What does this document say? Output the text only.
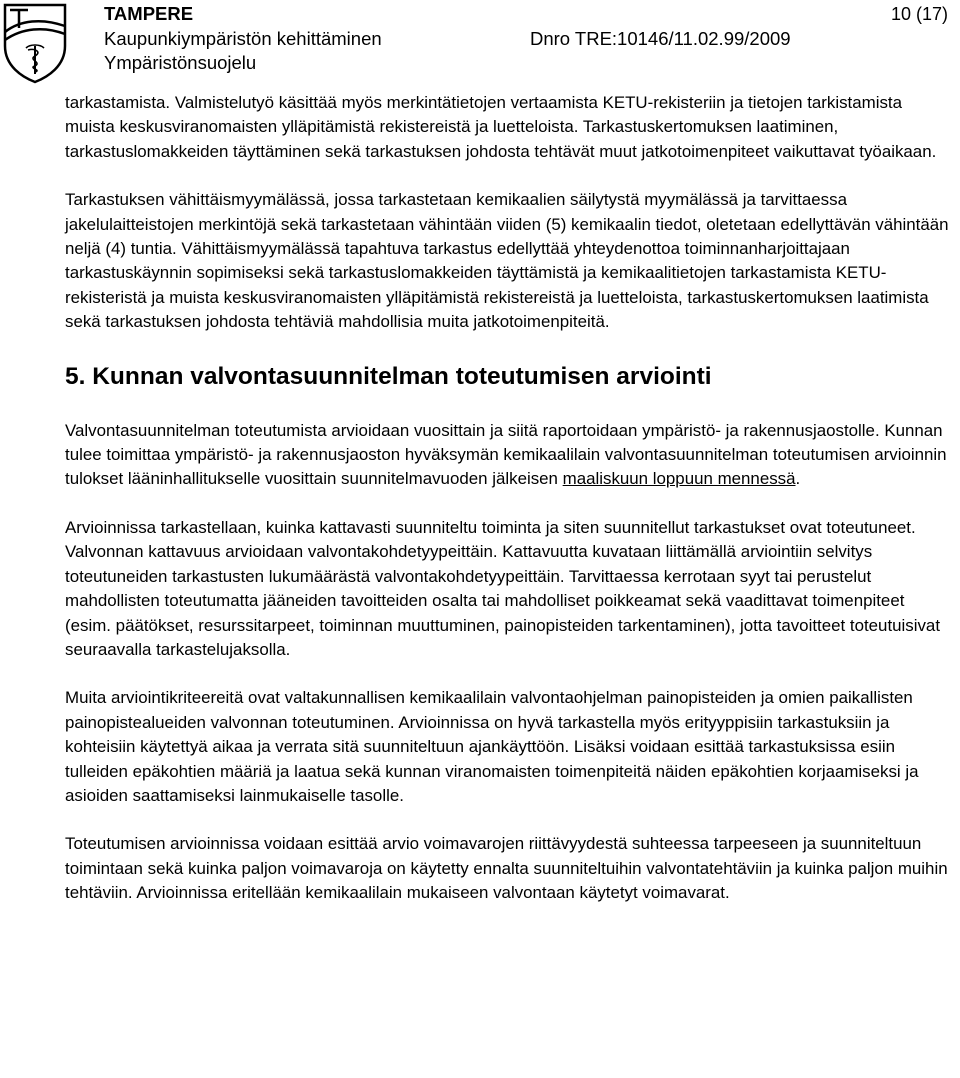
TAMPERE
Kaupunkiympäristön kehittäminen
Ympäristönsuojelu
Dnro TRE:10146/11.02.99/2009
10 (17)

tarkastamista. Valmistelutyö käsittää myös merkintätietojen vertaamista KETU-rekisteriin ja tietojen tarkistamista muista keskusviranomaisten ylläpitämistä rekistereistä ja luetteloista. Tarkastuskertomuksen laatiminen, tarkastuslomakkeiden täyttäminen sekä tarkastuksen johdosta tehtävät muut jatkotoimenpiteet vaikuttavat työaikaan.

Tarkastuksen vähittäismyymälässä, jossa tarkastetaan kemikaalien säilytystä myymälässä ja tarvittaessa jakelulaitteistojen merkintöjä sekä tarkastetaan vähintään viiden (5) kemikaalin tiedot, oletetaan edellyttävän vähintään neljä (4) tuntia. Vähittäismyymälässä tapahtuva tarkastus edellyttää yhteydenottoa toiminnanharjoittajaan tarkastuskäynnin sopimiseksi sekä tarkastuslomakkeiden täyttämistä ja kemikaalitietojen tarkastamista KETU-rekisteristä ja muista keskusviranomaisten ylläpitämistä rekistereistä ja luetteloista, tarkastuskertomuksen laatimista sekä tarkastuksen johdosta tehtäviä mahdollisia muita jatkotoimenpiteitä.

5. Kunnan valvontasuunnitelman toteutumisen arviointi

Valvontasuunnitelman toteutumista arvioidaan vuosittain ja siitä raportoidaan ympäristö- ja rakennusjaostolle. Kunnan tulee toimittaa ympäristö- ja rakennusjaoston hyväksymän kemikaalilain valvontasuunnitelman toteutumisen arvioinnin tulokset lääninhallitukselle vuosittain suunnitelmavuoden jälkeisen maaliskuun loppuun mennessä.

Arvioinnissa tarkastellaan, kuinka kattavasti suunniteltu toiminta ja siten suunnitellut tarkastukset ovat toteutuneet. Valvonnan kattavuus arvioidaan valvontakohdetyypeittäin. Kattavuutta kuvataan liittämällä arviointiin selvitys toteutuneiden tarkastusten lukumäärästä valvontakohdetyypeittäin. Tarvittaessa kerrotaan syyt tai perustelut mahdollisten toteutumatta jääneiden tavoitteiden osalta tai mahdolliset poikkeamat sekä vaadittavat toimenpiteet (esim. päätökset, resurssitarpeet, toiminnan muuttuminen, painopisteiden tarkentaminen), jotta tavoitteet toteutuisivat seuraavalla tarkastelujaksolla.

Muita arviointikriteereitä ovat valtakunnallisen kemikaalilain valvontaohjelman painopisteiden ja omien paikallisten painopistealueiden valvonnan toteutuminen. Arvioinnissa on hyvä tarkastella myös erityyppisiin tarkastuksiin ja kohteisiin käytettyä aikaa ja verrata sitä suunniteltuun ajankäyttöön. Lisäksi voidaan esittää tarkastuksissa esiin tulleiden epäkohtien määriä ja laatua sekä kunnan viranomaisten toimenpiteitä näiden epäkohtien korjaamiseksi ja asioiden saattamiseksi lainmukaiselle tasolle.

Toteutumisen arvioinnissa voidaan esittää arvio voimavarojen riittävyydestä suhteessa tarpeeseen ja suunniteltuun toimintaan sekä kuinka paljon voimavaroja on käytetty ennalta suunniteltuihin valvontatehtäviin ja kuinka paljon muihin tehtäviin. Arvioinnissa eritellään kemikaalilain mukaiseen valvontaan käytetyt voimavarat.
